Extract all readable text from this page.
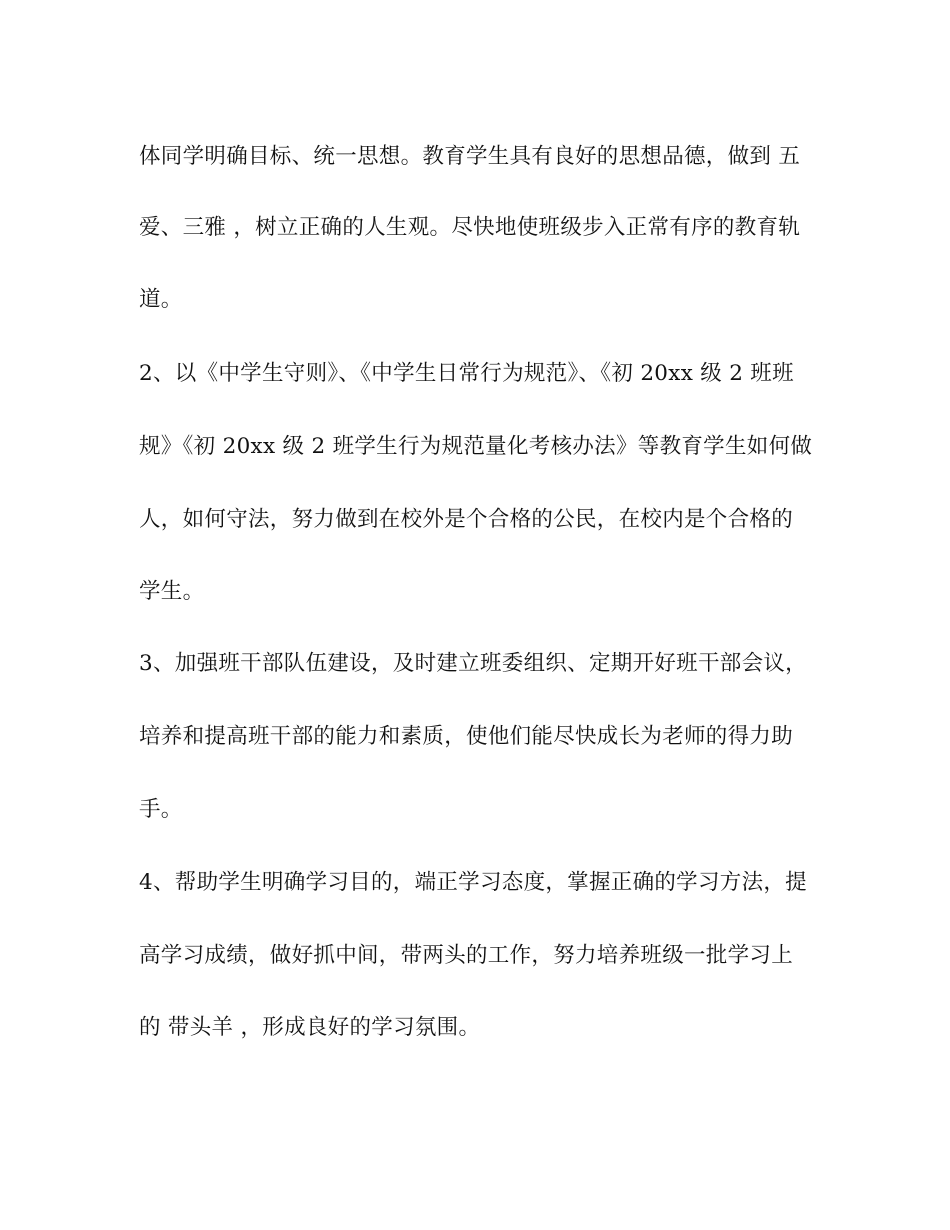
体同学明确目标、统一思想。教育学生具有良好的思想品德，做到 五
爱、三雅 ，树立正确的人生观。尽快地使班级步入正常有序的教育轨
道。
2、以《中学生守则》、《中学生日常行为规范》、《初 20xx 级 2 班班
规》《初 20xx 级 2 班学生行为规范量化考核办法》等教育学生如何做
人，如何守法，努力做到在校外是个合格的公民，在校内是个合格的
学生。
3、加强班干部队伍建设，及时建立班委组织、定期开好班干部会议，
培养和提高班干部的能力和素质，使他们能尽快成长为老师的得力助
手。
4、帮助学生明确学习目的，端正学习态度，掌握正确的学习方法，提
高学习成绩，做好抓中间，带两头的工作，努力培养班级一批学习上
的 带头羊 ，形成良好的学习氛围。
